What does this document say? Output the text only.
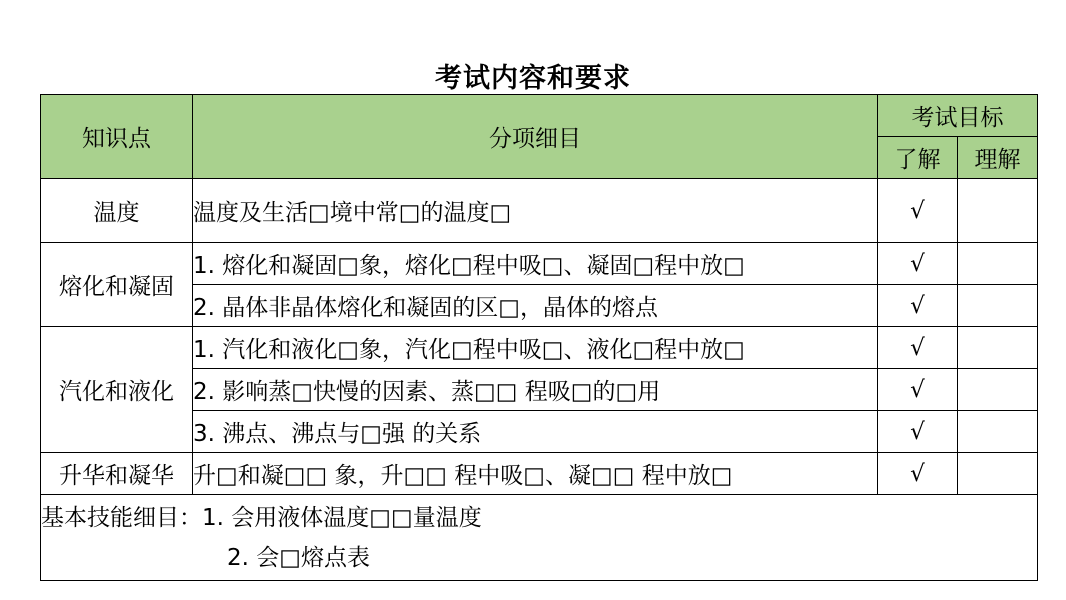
考试内容和要求
知识点	分项细目	考试目标	
		了解	理解
温度	温度及生活□境中常□的温度□	√	
熔化和凝固	1. 熔化和凝固□象，熔化□程中吸□、凝固□程中放□	√	
	2. 晶体非晶体熔化和凝固的区□，晶体的熔点	√	
汽化和液化	1. 汽化和液化□象，汽化□程中吸□、液化□程中放□	√	
	2. 影响蒸□快慢的因素、蒸□□ 程吸□的□用	√	
	3. 沸点、沸点与□强 的关系	√	
升华和凝华	升□和凝□□ 象，升□□ 程中吸□、凝□□ 程中放□	√	

基本技能细目：1. 会用液体温度□□量温度
2. 会□熔点表			
